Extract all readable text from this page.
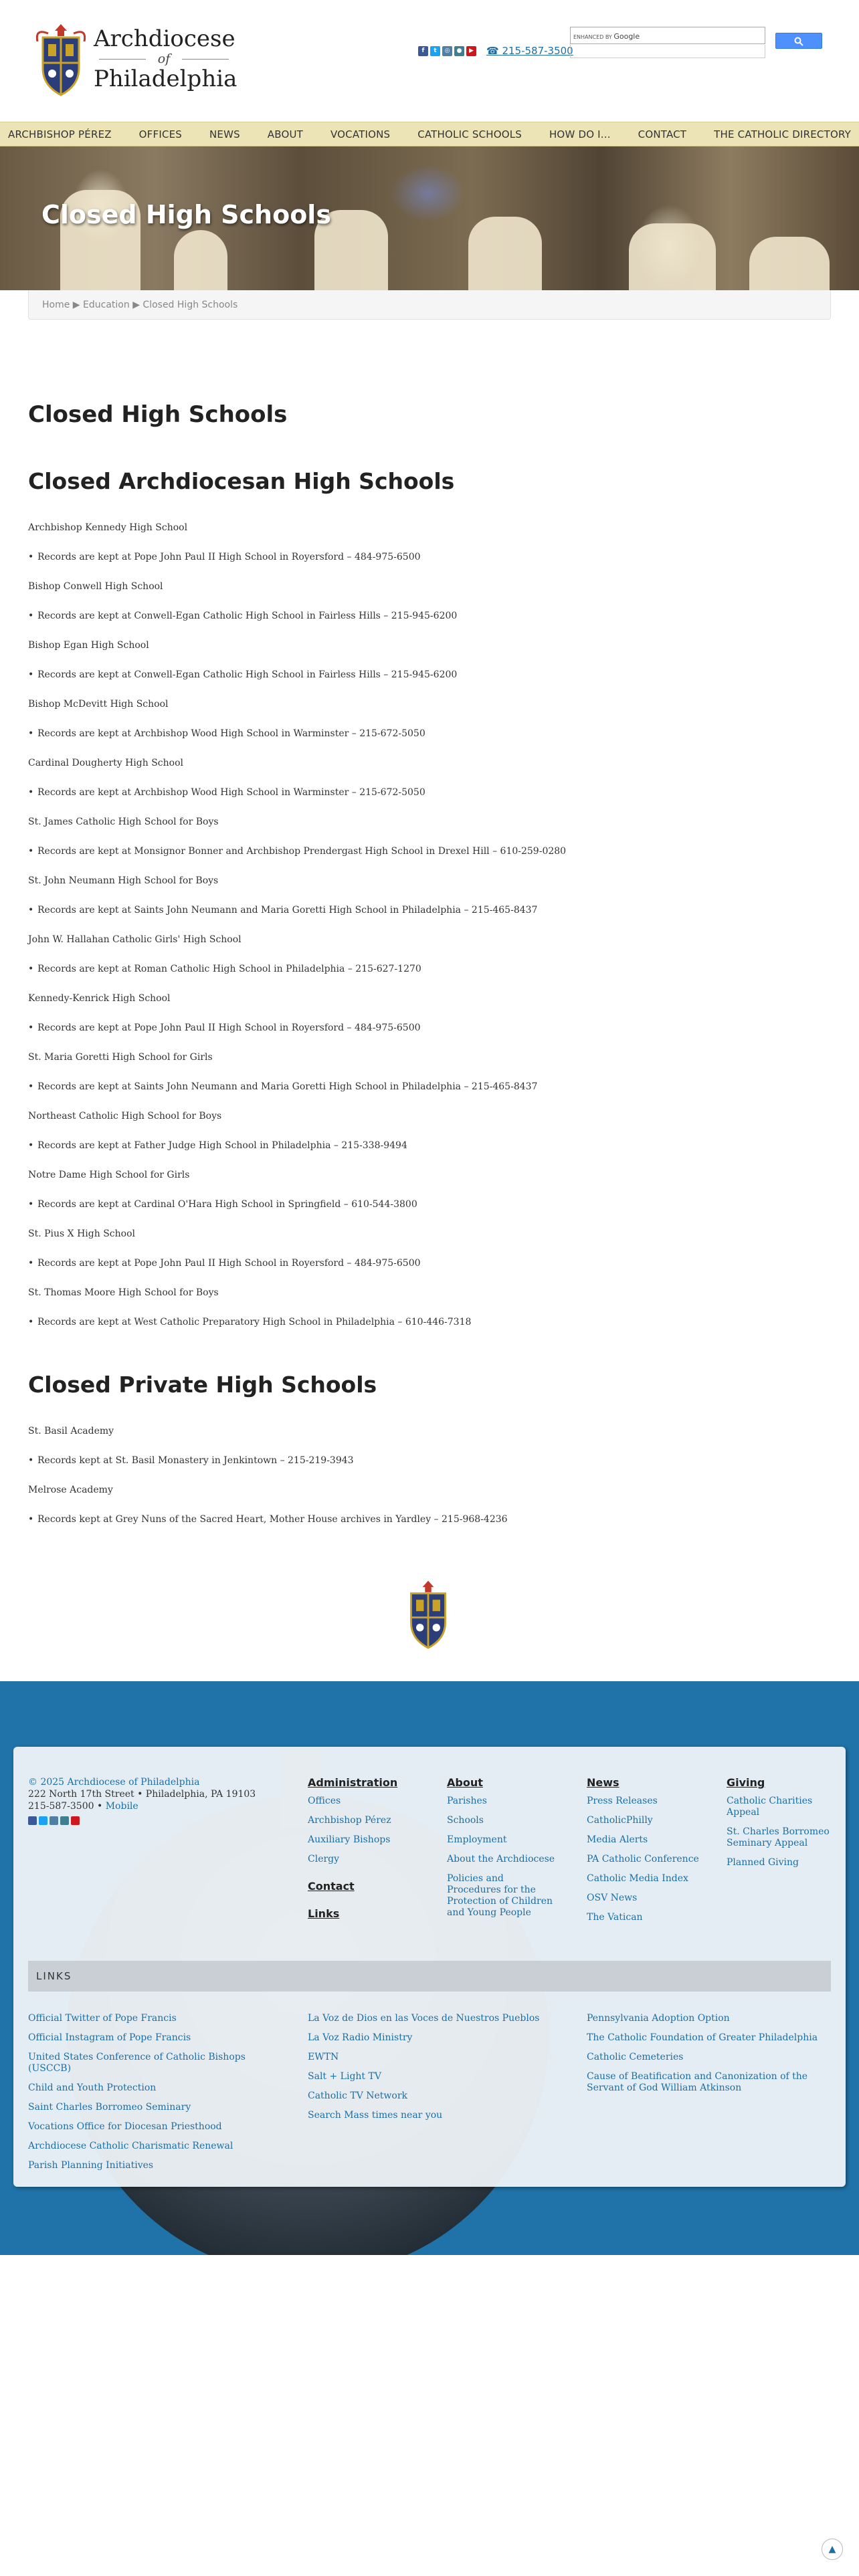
Archdiocese
of
Philadelphia
f	t	◎	●	▶ ☎ 215-587-3500
ENHANCED BY Google
ARCHBISHOP PÉREZ	OFFICES	NEWS	ABOUT	VOCATIONS	CATHOLIC SCHOOLS	HOW DO I...	CONTACT	THE CATHOLIC DIRECTORY
Closed High Schools
Home ▶ Education ▶ Closed High Schools
Closed High Schools
Closed Archdiocesan High Schools
Archbishop Kennedy High School
• Records are kept at Pope John Paul II High School in Royersford – 484-975-6500
Bishop Conwell High School
• Records are kept at Conwell-Egan Catholic High School in Fairless Hills – 215-945-6200
Bishop Egan High School
• Records are kept at Conwell-Egan Catholic High School in Fairless Hills – 215-945-6200
Bishop McDevitt High School
• Records are kept at Archbishop Wood High School in Warminster – 215-672-5050
Cardinal Dougherty High School
• Records are kept at Archbishop Wood High School in Warminster – 215-672-5050
St. James Catholic High School for Boys
• Records are kept at Monsignor Bonner and Archbishop Prendergast High School in Drexel Hill – 610-259-0280
St. John Neumann High School for Boys
• Records are kept at Saints John Neumann and Maria Goretti High School in Philadelphia – 215-465-8437
John W. Hallahan Catholic Girls' High School
• Records are kept at Roman Catholic High School in Philadelphia – 215-627-1270
Kennedy-Kenrick High School
• Records are kept at Pope John Paul II High School in Royersford – 484-975-6500
St. Maria Goretti High School for Girls
• Records are kept at Saints John Neumann and Maria Goretti High School in Philadelphia – 215-465-8437
Northeast Catholic High School for Boys
• Records are kept at Father Judge High School in Philadelphia – 215-338-9494
Notre Dame High School for Girls
• Records are kept at Cardinal O'Hara High School in Springfield – 610-544-3800
St. Pius X High School
• Records are kept at Pope John Paul II High School in Royersford – 484-975-6500
St. Thomas Moore High School for Boys
• Records are kept at West Catholic Preparatory High School in Philadelphia – 610-446-7318
Closed Private High Schools
St. Basil Academy
• Records kept at St. Basil Monastery in Jenkintown – 215-219-3943
Melrose Academy
• Records kept at Grey Nuns of the Sacred Heart, Mother House archives in Yardley – 215-968-4236
© 2025 Archdiocese of Philadelphia
222 North 17th Street • Philadelphia, PA 19103
215-587-3500 • Mobile
Administration
Offices
Archbishop Pérez
Auxiliary Bishops
Clergy
Contact
Links
About
Parishes
Schools
Employment
About the Archdiocese
Policies and Procedures for the Protection of Children and Young People
News
Press Releases
CatholicPhilly
Media Alerts
PA Catholic Conference
Catholic Media Index
OSV News
The Vatican
Giving
Catholic Charities Appeal
St. Charles Borromeo Seminary Appeal
Planned Giving
LINKS
Official Twitter of Pope Francis
Official Instagram of Pope Francis
United States Conference of Catholic Bishops (USCCB)
Child and Youth Protection
Saint Charles Borromeo Seminary
Vocations Office for Diocesan Priesthood
Archdiocese Catholic Charismatic Renewal
Parish Planning Initiatives
La Voz de Dios en las Voces de Nuestros Pueblos
La Voz Radio Ministry
EWTN
Salt + Light TV
Catholic TV Network
Search Mass times near you
Pennsylvania Adoption Option
The Catholic Foundation of Greater Philadelphia
Catholic Cemeteries
Cause of Beatification and Canonization of the Servant of God William Atkinson
▲
